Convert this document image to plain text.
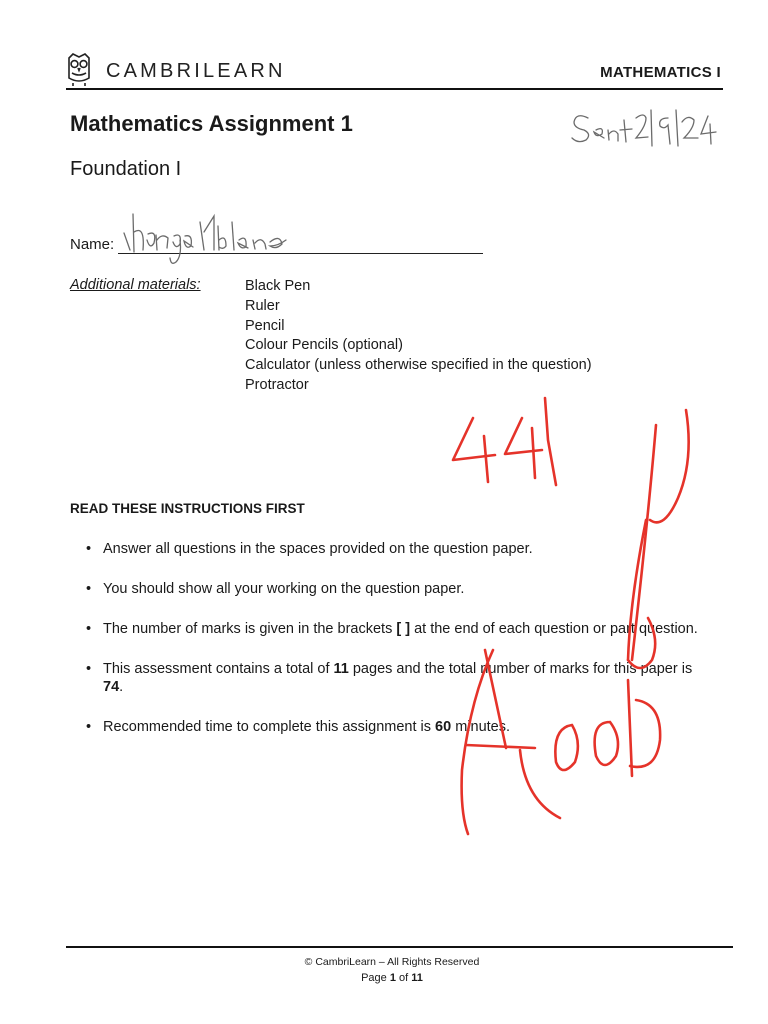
CAMBRILEARN	MATHEMATICS I
Mathematics Assignment 1
Foundation I
Name:
Additional materials:	Black Pen
Ruler
Pencil
Colour Pencils (optional)
Calculator (unless otherwise specified in the question)
Protractor
READ THESE INSTRUCTIONS FIRST
• Answer all questions in the spaces provided on the question paper.
• You should show all your working on the question paper.
• The number of marks is given in the brackets [ ] at the end of each question or part question.
• This assessment contains a total of 11 pages and the total number of marks for this paper is 74.
• Recommended time to complete this assignment is 60 minutes.
© CambriLearn – All Rights Reserved
Page 1 of 11
